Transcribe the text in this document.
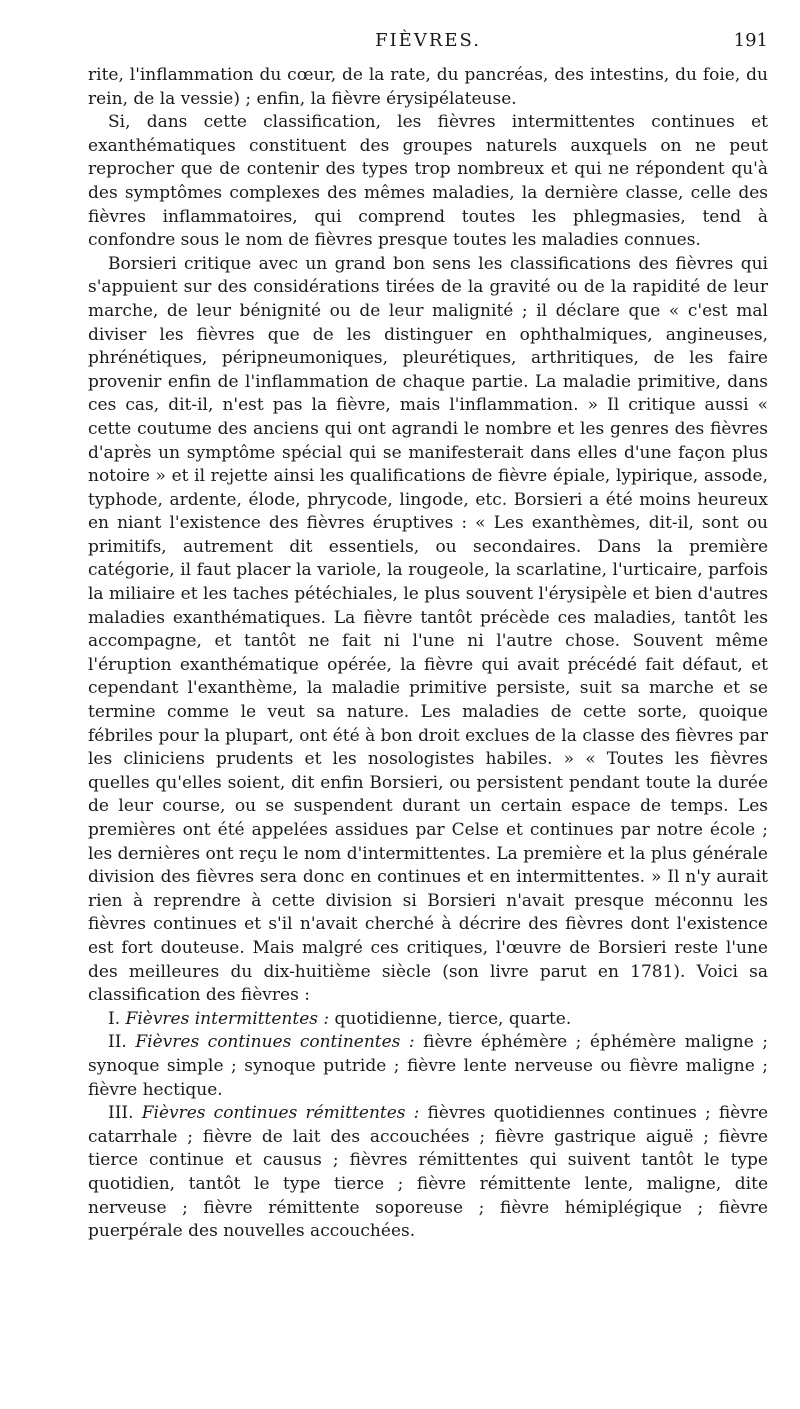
FIÈVRES.	191

rite, l'inflammation du cœur, de la rate, du pancréas, des intestins, du foie, du rein, de la vessie) ; enfin, la fièvre érysipélateuse.

Si, dans cette classification, les fièvres intermittentes continues et exanthématiques constituent des groupes naturels auxquels on ne peut reprocher que de contenir des types trop nombreux et qui ne répondent qu'à des symptômes complexes des mêmes maladies, la dernière classe, celle des fièvres inflammatoires, qui comprend toutes les phlegmasies, tend à confondre sous le nom de fièvres presque toutes les maladies connues.

Borsieri critique avec un grand bon sens les classifications des fièvres qui s'appuient sur des considérations tirées de la gravité ou de la rapidité de leur marche, de leur bénignité ou de leur malignité ; il déclare que « c'est mal diviser les fièvres que de les distinguer en ophthalmiques, angineuses, phrénétiques, péripneumoniques, pleurétiques, arthritiques, de les faire provenir enfin de l'inflammation de chaque partie. La maladie primitive, dans ces cas, dit-il, n'est pas la fièvre, mais l'inflammation. » Il critique aussi « cette coutume des anciens qui ont agrandi le nombre et les genres des fièvres d'après un symptôme spécial qui se manifesterait dans elles d'une façon plus notoire » et il rejette ainsi les qualifications de fièvre épiale, lypirique, assode, typhode, ardente, élode, phrycode, lingode, etc. Borsieri a été moins heureux en niant l'existence des fièvres éruptives : « Les exanthèmes, dit-il, sont ou primitifs, autrement dit essentiels, ou secondaires. Dans la première catégorie, il faut placer la variole, la rougeole, la scarlatine, l'urticaire, parfois la miliaire et les taches pétéchiales, le plus souvent l'érysipèle et bien d'autres maladies exanthématiques. La fièvre tantôt précède ces maladies, tantôt les accompagne, et tantôt ne fait ni l'une ni l'autre chose. Souvent même l'éruption exanthématique opérée, la fièvre qui avait précédé fait défaut, et cependant l'exanthème, la maladie primitive persiste, suit sa marche et se termine comme le veut sa nature. Les maladies de cette sorte, quoique fébriles pour la plupart, ont été à bon droit exclues de la classe des fièvres par les cliniciens prudents et les nosologistes habiles. » « Toutes les fièvres quelles qu'elles soient, dit enfin Borsieri, ou persistent pendant toute la durée de leur course, ou se suspendent durant un certain espace de temps. Les premières ont été appelées assidues par Celse et continues par notre école ; les dernières ont reçu le nom d'intermittentes. La première et la plus générale division des fièvres sera donc en continues et en intermittentes. » Il n'y aurait rien à reprendre à cette division si Borsieri n'avait presque méconnu les fièvres continues et s'il n'avait cherché à décrire des fièvres dont l'existence est fort douteuse. Mais malgré ces critiques, l'œuvre de Borsieri reste l'une des meilleures du dix-huitième siècle (son livre parut en 1781). Voici sa classification des fièvres :

I. Fièvres intermittentes : quotidienne, tierce, quarte.

II. Fièvres continues continentes : fièvre éphémère ; éphémère maligne ; synoque simple ; synoque putride ; fièvre lente nerveuse ou fièvre maligne ; fièvre hectique.

III. Fièvres continues rémittentes : fièvres quotidiennes continues ; fièvre catarrhale ; fièvre de lait des accouchées ; fièvre gastrique aiguë ; fièvre tierce continue et causus ; fièvres rémittentes qui suivent tantôt le type quotidien, tantôt le type tierce ; fièvre rémittente lente, maligne, dite nerveuse ; fièvre rémittente soporeuse ; fièvre hémiplégique ; fièvre puerpérale des nouvelles accouchées.
